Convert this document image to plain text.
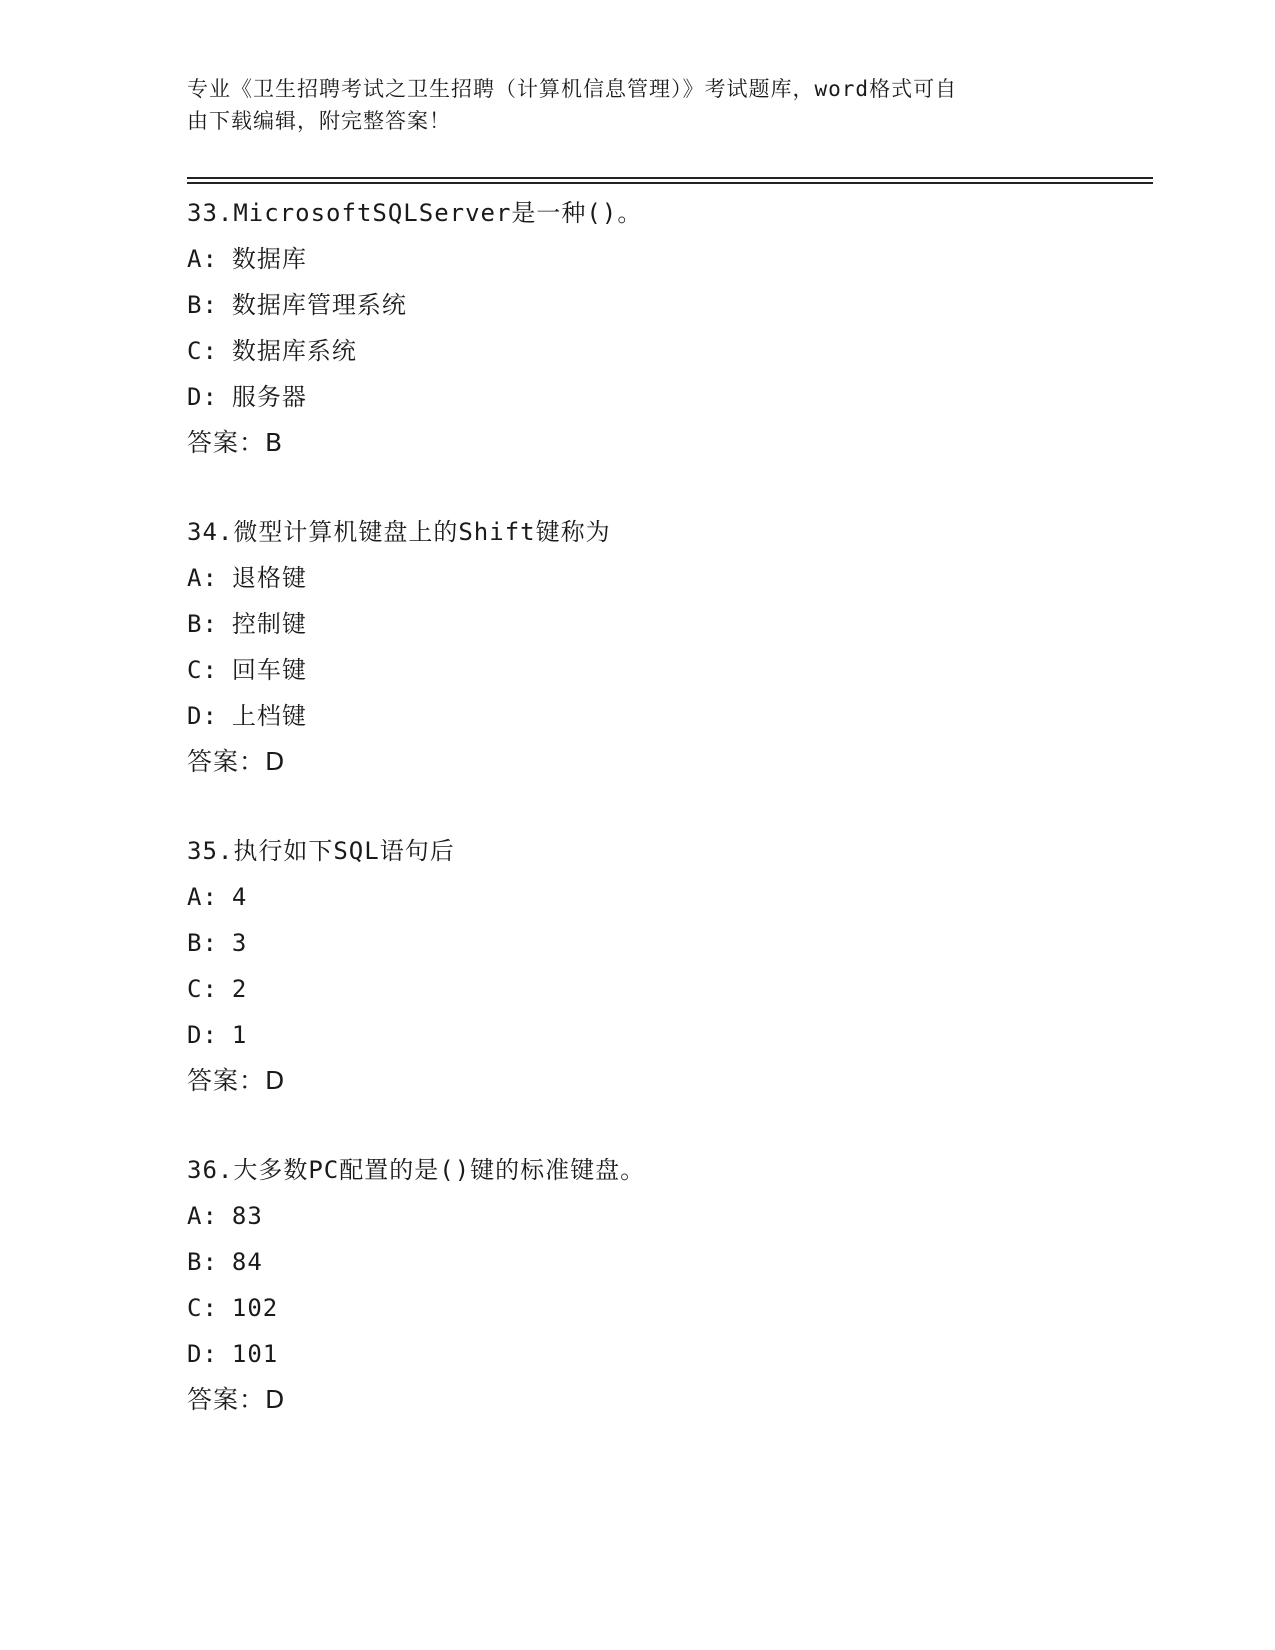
专业《卫生招聘考试之卫生招聘（计算机信息管理）》考试题库，word格式可自
由下载编辑，附完整答案！
33.MicrosoftSQLServer是一种()。
A: 数据库
B: 数据库管理系统
C: 数据库系统
D: 服务器
答案：B
34.微型计算机键盘上的Shift键称为
A: 退格键
B: 控制键
C: 回车键
D: 上档键
答案：D
35.执行如下SQL语句后
A: 4
B: 3
C: 2
D: 1
答案：D
36.大多数PC配置的是()键的标准键盘。
A: 83
B: 84
C: 102
D: 101
答案：D
